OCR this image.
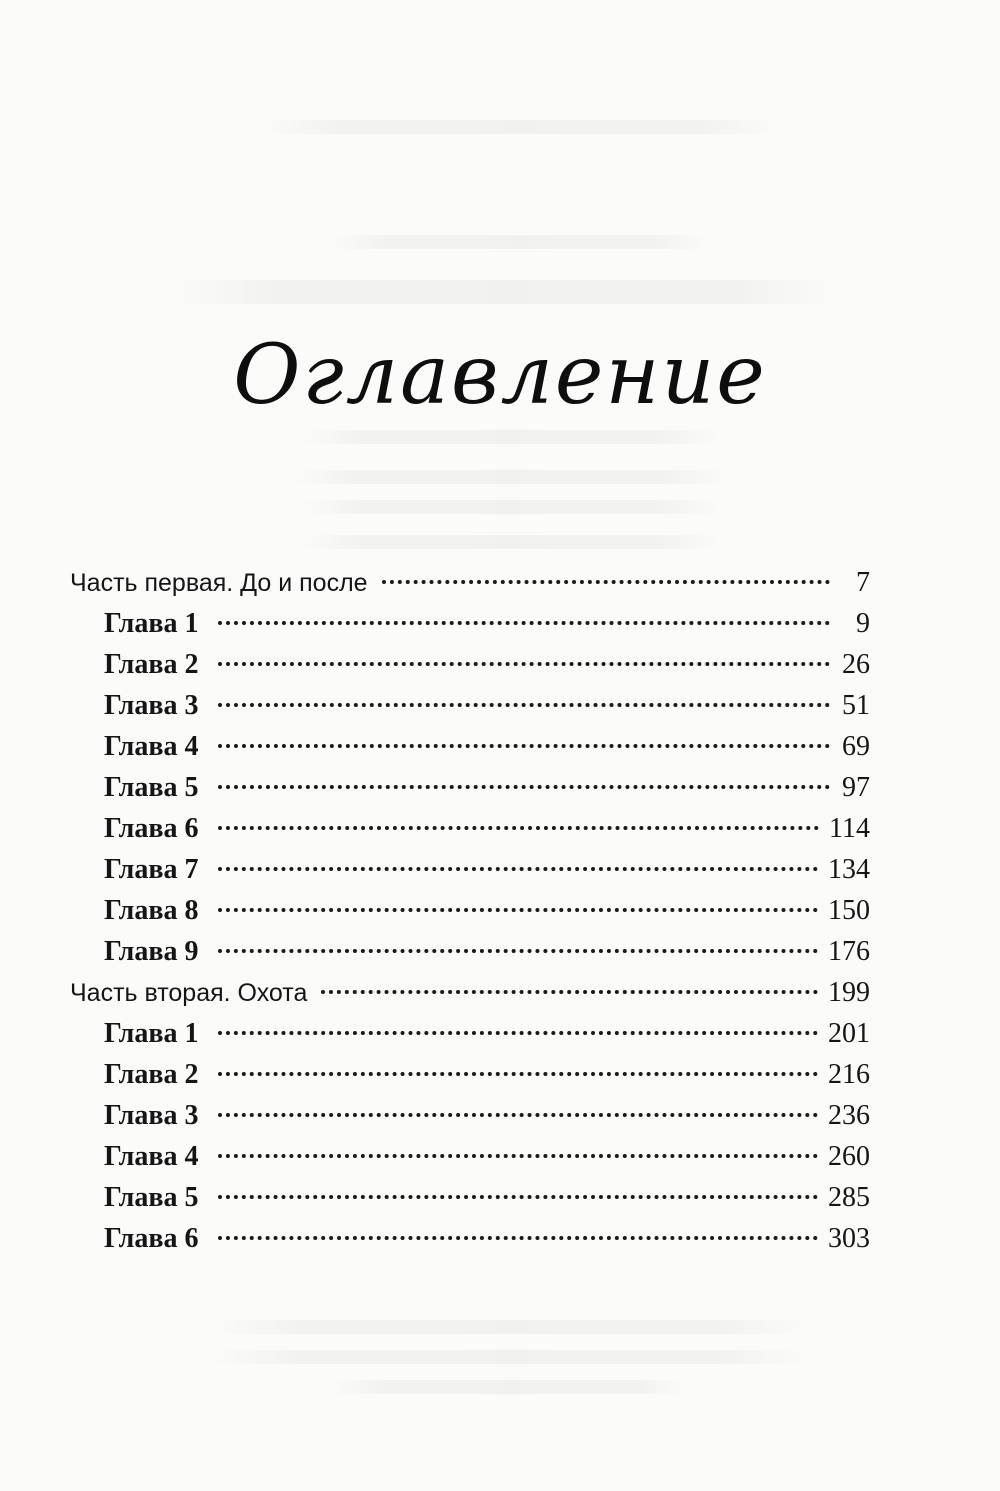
Оглавление
Часть первая. До и после	7
Глава 1	9
Глава 2	26
Глава 3	51
Глава 4	69
Глава 5	97
Глава 6	114
Глава 7	134
Глава 8	150
Глава 9	176
Часть вторая. Охота	199
Глава 1	201
Глава 2	216
Глава 3	236
Глава 4	260
Глава 5	285
Глава 6	303
